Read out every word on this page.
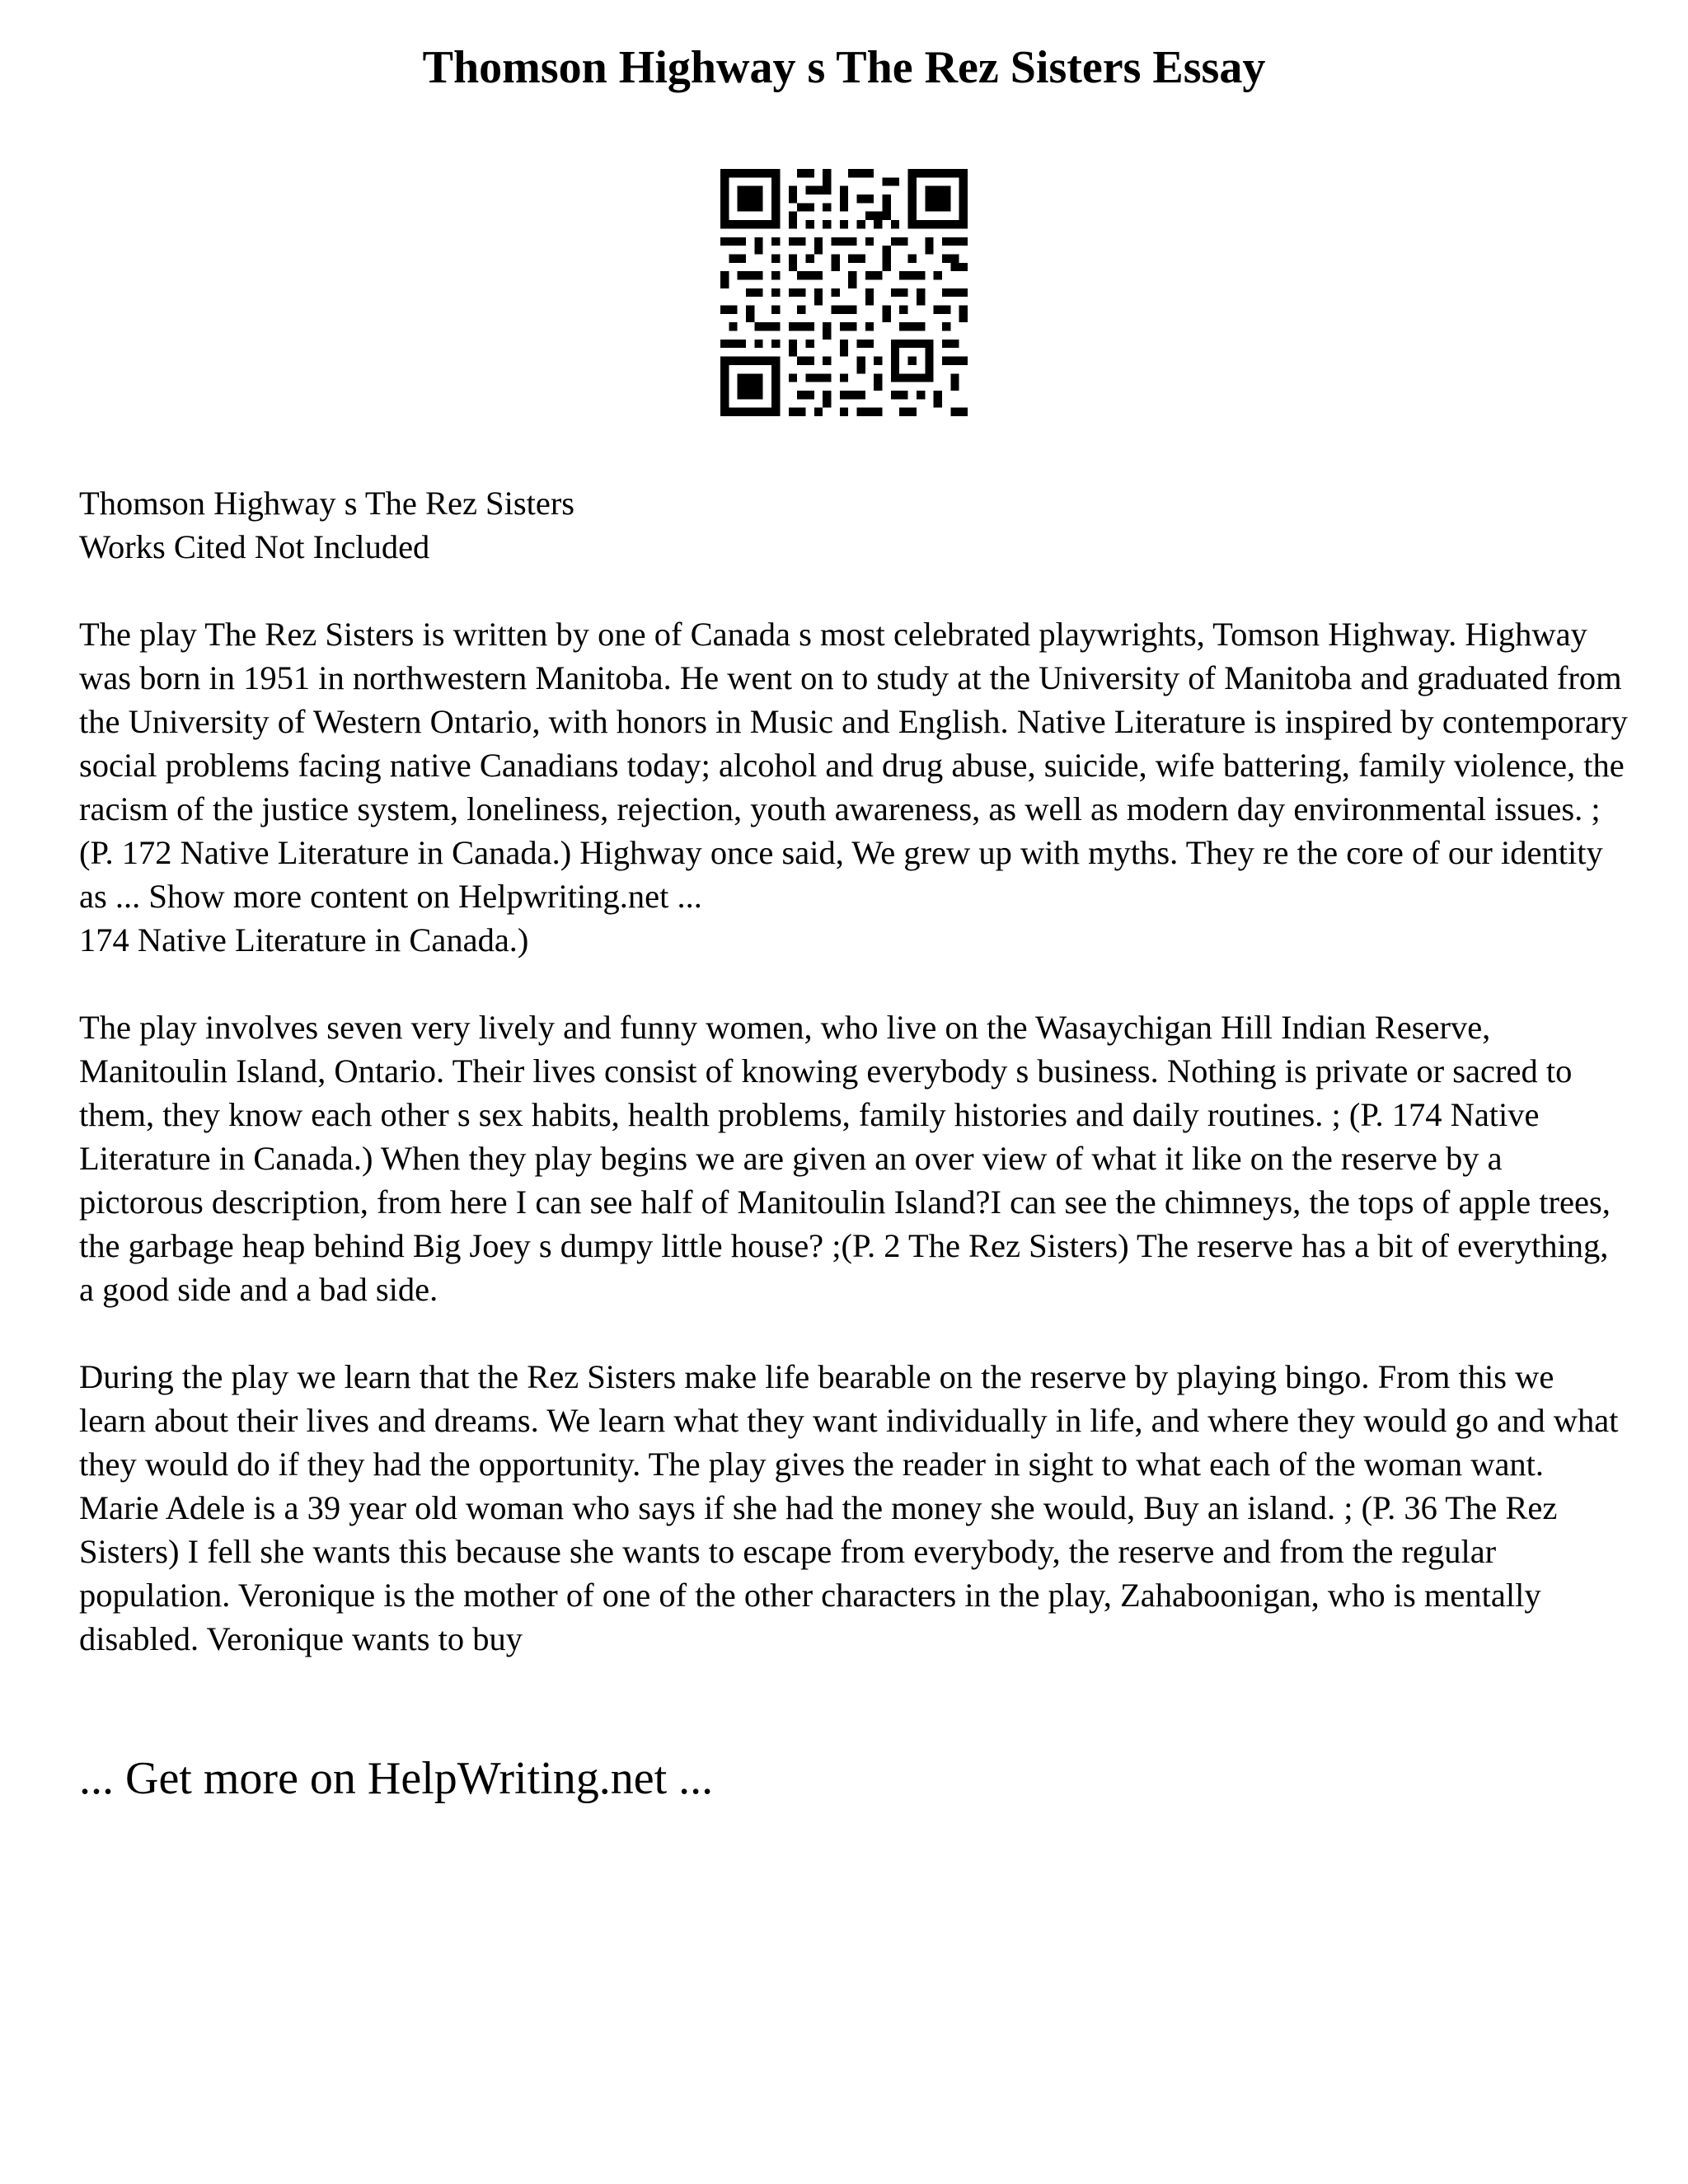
Thomson Highway s The Rez Sisters Essay

Thomson Highway s The Rez Sisters

Works Cited Not Included

The play The Rez Sisters is written by one of Canada s most celebrated playwrights, Tomson Highway. Highway was born in 1951 in northwestern Manitoba. He went on to study at the University of Manitoba and graduated from the University of Western Ontario, with honors in Music and English. Native Literature is inspired by contemporary social problems facing native Canadians today; alcohol and drug abuse, suicide, wife battering, family violence, the racism of the justice system, loneliness, rejection, youth awareness, as well as modern day environmental issues. ;(P. 172 Native Literature in Canada.) Highway once said, We grew up with myths. They re the core of our identity as ... Show more content on Helpwriting.net ...

174 Native Literature in Canada.)

The play involves seven very lively and funny women, who live on the Wasaychigan Hill Indian Reserve, Manitoulin Island, Ontario. Their lives consist of knowing everybody s business. Nothing is private or sacred to them, they know each other s sex habits, health problems, family histories and daily routines. ; (P. 174 Native Literature in Canada.) When they play begins we are given an over view of what it like on the reserve by a pictorous description, from here I can see half of Manitoulin Island?I can see the chimneys, the tops of apple trees, the garbage heap behind Big Joey s dumpy little house? ;(P. 2 The Rez Sisters) The reserve has a bit of everything, a good side and a bad side.

During the play we learn that the Rez Sisters make life bearable on the reserve by playing bingo. From this we learn about their lives and dreams. We learn what they want individually in life, and where they would go and what they would do if they had the opportunity. The play gives the reader in sight to what each of the woman want. Marie Adele is a 39 year old woman who says if she had the money she would, Buy an island. ; (P. 36 The Rez Sisters) I fell she wants this because she wants to escape from everybody, the reserve and from the regular population. Veronique is the mother of one of the other characters in the play, Zahaboonigan, who is mentally disabled. Veronique wants to buy

... Get more on HelpWriting.net ...
